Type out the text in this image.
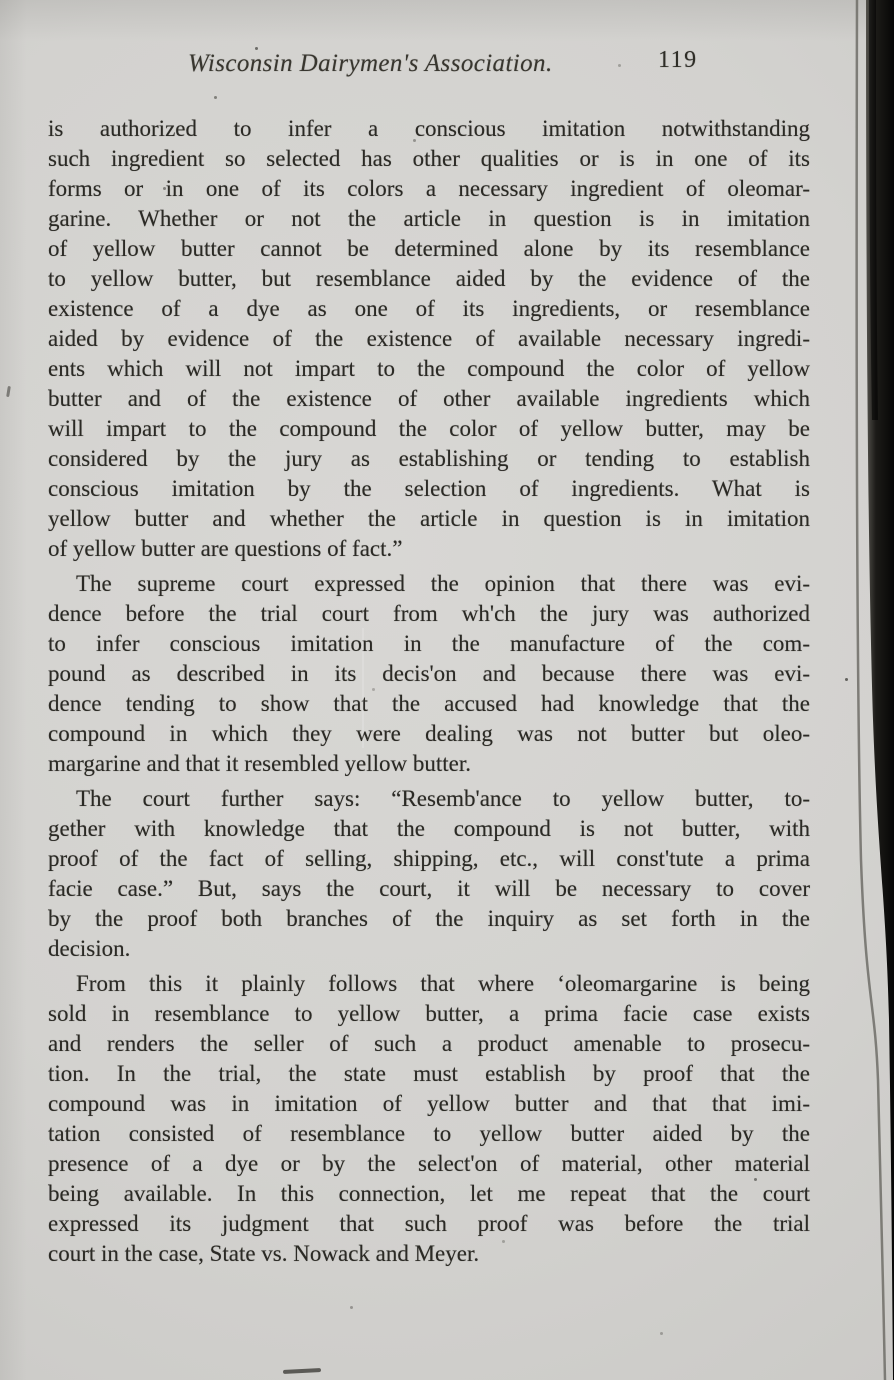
Wisconsin Dairymen's Association.	119
is authorized to infer a conscious imitation notwithstanding
such ingredient so selected has other qualities or is in one of its
forms or in one of its colors a necessary ingredient of oleomar-
garine. Whether or not the article in question is in imitation
of yellow butter cannot be determined alone by its resemblance
to yellow butter, but resemblance aided by the evidence of the
existence of a dye as one of its ingredients, or resemblance
aided by evidence of the existence of available necessary ingredi-
ents which will not impart to the compound the color of yellow
butter and of the existence of other available ingredients which
will impart to the compound the color of yellow butter, may be
considered by the jury as establishing or tending to establish
conscious imitation by the selection of ingredients. What is
yellow butter and whether the article in question is in imitation
of yellow butter are questions of fact.”
The supreme court expressed the opinion that there was evi-
dence before the trial court from wh'ch the jury was authorized
to infer conscious imitation in the manufacture of the com-
pound as described in its decis'on and because there was evi-
dence tending to show that the accused had knowledge that the
compound in which they were dealing was not butter but oleo-
margarine and that it resembled yellow butter.
The court further says: “Resemb'ance to yellow butter, to-
gether with knowledge that the compound is not butter, with
proof of the fact of selling, shipping, etc., will const'tute a prima
facie case.” But, says the court, it will be necessary to cover
by the proof both branches of the inquiry as set forth in the
decision.
From this it plainly follows that where ‘oleomargarine is being
sold in resemblance to yellow butter, a prima facie case exists
and renders the seller of such a product amenable to prosecu-
tion. In the trial, the state must establish by proof that the
compound was in imitation of yellow butter and that that imi-
tation consisted of resemblance to yellow butter aided by the
presence of a dye or by the select'on of material, other material
being available. In this connection, let me repeat that the court
expressed its judgment that such proof was before the trial
court in the case, State vs. Nowack and Meyer.
